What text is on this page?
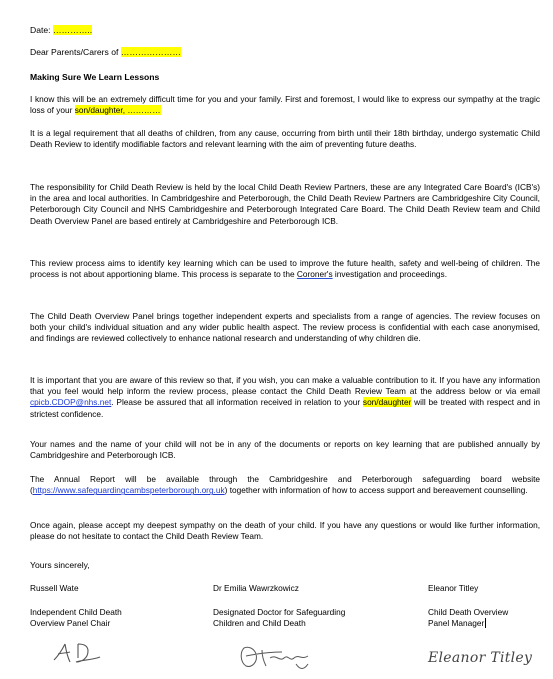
Date: …………..
Dear Parents/Carers of …………………
Making Sure We Learn Lessons
I know this will be an extremely difficult time for you and your family. First and foremost, I would like to express our sympathy at the tragic loss of your son/daughter, …………
It is a legal requirement that all deaths of children, from any cause, occurring from birth until their 18th birthday, undergo systematic Child Death Review to identify modifiable factors and relevant learning with the aim of preventing future deaths.
The responsibility for Child Death Review is held by the local Child Death Review Partners, these are any Integrated Care Board's (ICB's) in the area and local authorities. In Cambridgeshire and Peterborough, the Child Death Review Partners are Cambridgeshire City Council, Peterborough City Council and NHS Cambridgeshire and Peterborough Integrated Care Board. The Child Death Review team and Child Death Overview Panel are based entirely at Cambridgeshire and Peterborough ICB.
This review process aims to identify key learning which can be used to improve the future health, safety and well-being of children. The process is not about apportioning blame. This process is separate to the Coroner's investigation and proceedings.
The Child Death Overview Panel brings together independent experts and specialists from a range of agencies. The review focuses on both your child's individual situation and any wider public health aspect. The review process is confidential with each case anonymised, and findings are reviewed collectively to enhance national research and understanding of why children die.
It is important that you are aware of this review so that, if you wish, you can make a valuable contribution to it. If you have any information that you feel would help inform the review process, please contact the Child Death Review Team at the address below or via email cpicb.CDOP@nhs.net. Please be assured that all information received in relation to your son/daughter will be treated with respect and in strictest confidence.
Your names and the name of your child will not be in any of the documents or reports on key learning that are published annually by Cambridgeshire and Peterborough ICB.
The Annual Report will be available through the Cambridgeshire and Peterborough safeguarding board website (https://www.safeguardingcambspeterborough.org.uk) together with information of how to access support and bereavement counselling.
Once again, please accept my deepest sympathy on the death of your child. If you have any questions or would like further information, please do not hesitate to contact the Child Death Review Team.
Yours sincerely,
Russell Wate	Dr Emilia Wawrzkowicz	Eleanor Titley
Independent Child Death
Overview Panel Chair
Designated Doctor for Safeguarding
Children and Child Death
Child Death Overview
Panel Manager
Eleanor Titley
